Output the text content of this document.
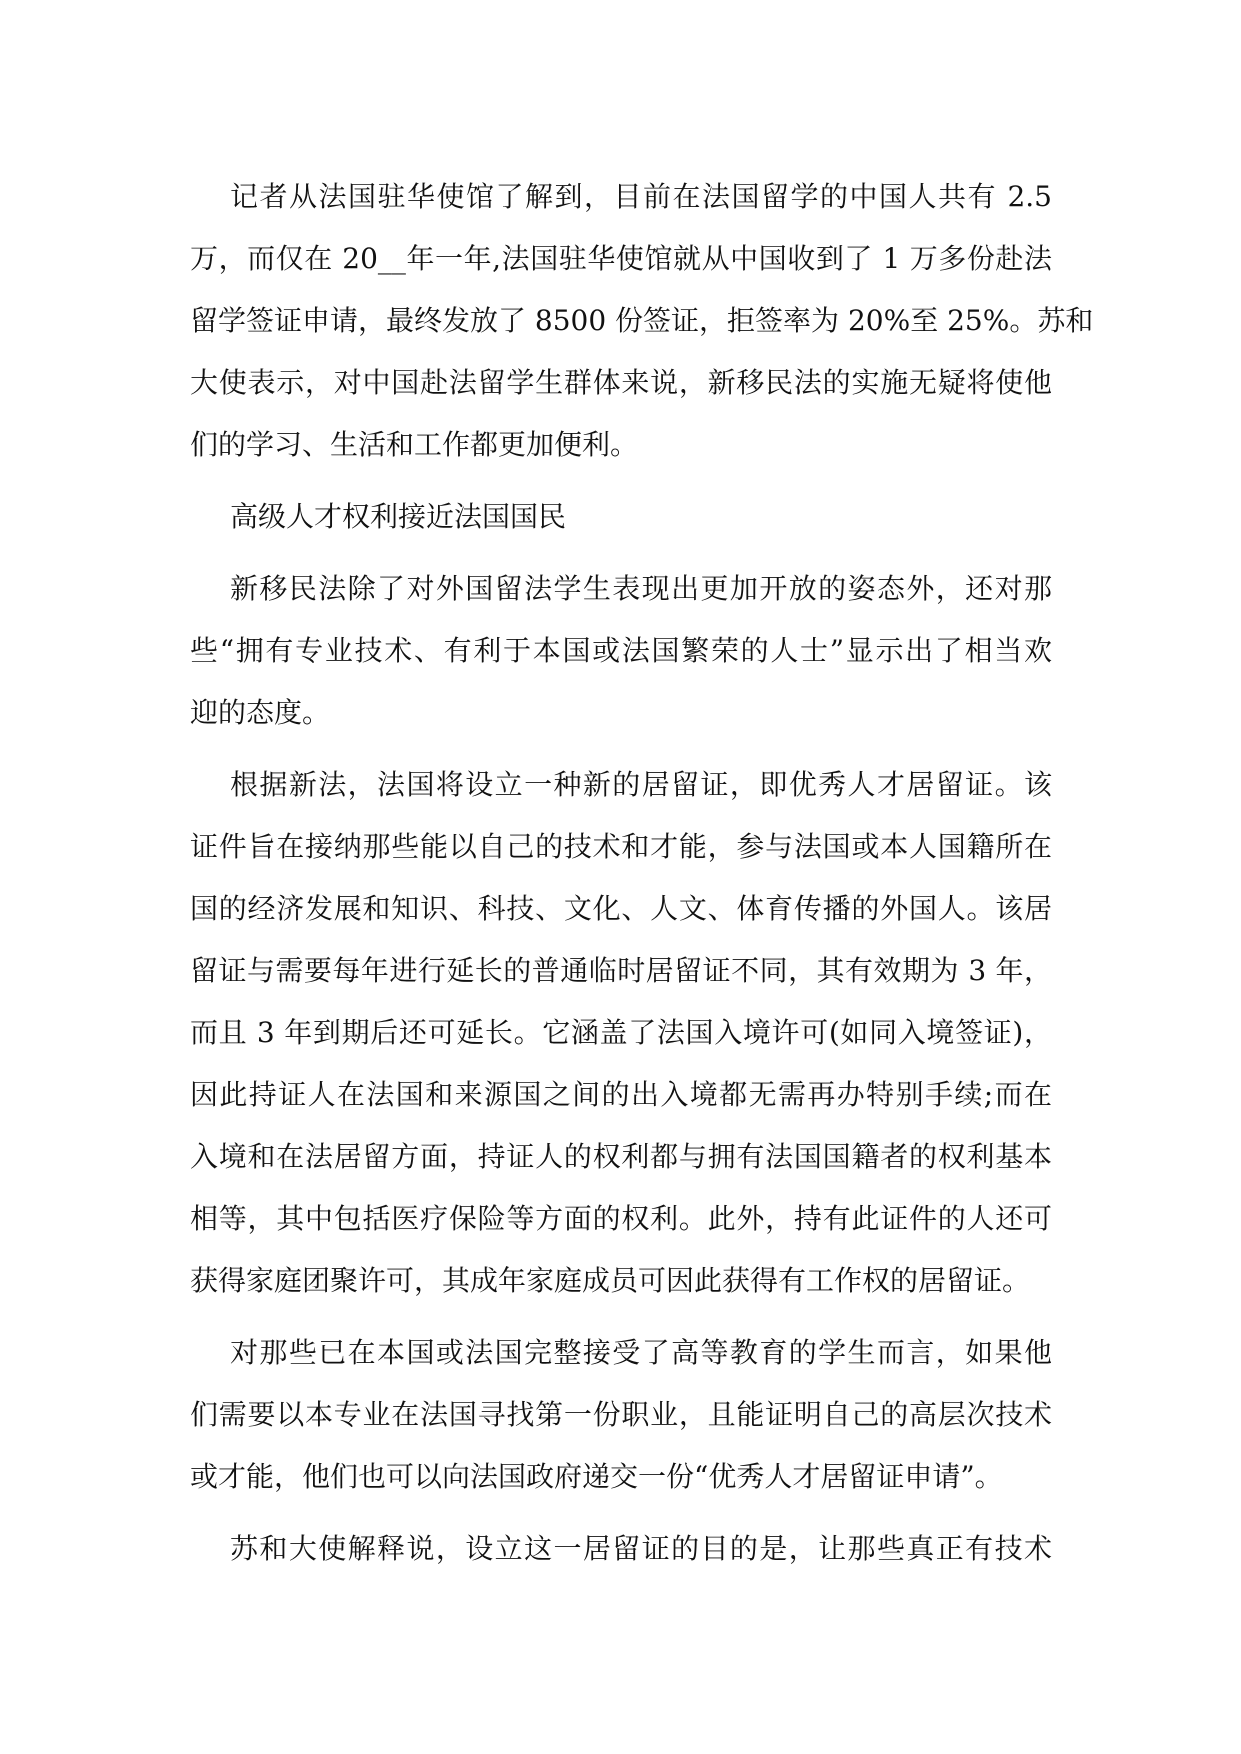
记者从法国驻华使馆了解到，目前在法国留学的中国人共有 2.5
万，而仅在 20__年一年,法国驻华使馆就从中国收到了 1 万多份赴法
留学签证申请，最终发放了 8500 份签证，拒签率为 20%至 25%。苏和
大使表示，对中国赴法留学生群体来说，新移民法的实施无疑将使他
们的学习、生活和工作都更加便利。
高级人才权利接近法国国民
新移民法除了对外国留法学生表现出更加开放的姿态外，还对那
些“拥有专业技术、有利于本国或法国繁荣的人士”显示出了相当欢
迎的态度。
根据新法，法国将设立一种新的居留证，即优秀人才居留证。该
证件旨在接纳那些能以自己的技术和才能，参与法国或本人国籍所在
国的经济发展和知识、科技、文化、人文、体育传播的外国人。该居
留证与需要每年进行延长的普通临时居留证不同，其有效期为 3 年，
而且 3 年到期后还可延长。它涵盖了法国入境许可(如同入境签证)，
因此持证人在法国和来源国之间的出入境都无需再办特别手续;而在
入境和在法居留方面，持证人的权利都与拥有法国国籍者的权利基本
相等，其中包括医疗保险等方面的权利。此外，持有此证件的人还可
获得家庭团聚许可，其成年家庭成员可因此获得有工作权的居留证。
对那些已在本国或法国完整接受了高等教育的学生而言，如果他
们需要以本专业在法国寻找第一份职业，且能证明自己的高层次技术
或才能，他们也可以向法国政府递交一份“优秀人才居留证申请”。
苏和大使解释说，设立这一居留证的目的是，让那些真正有技术
